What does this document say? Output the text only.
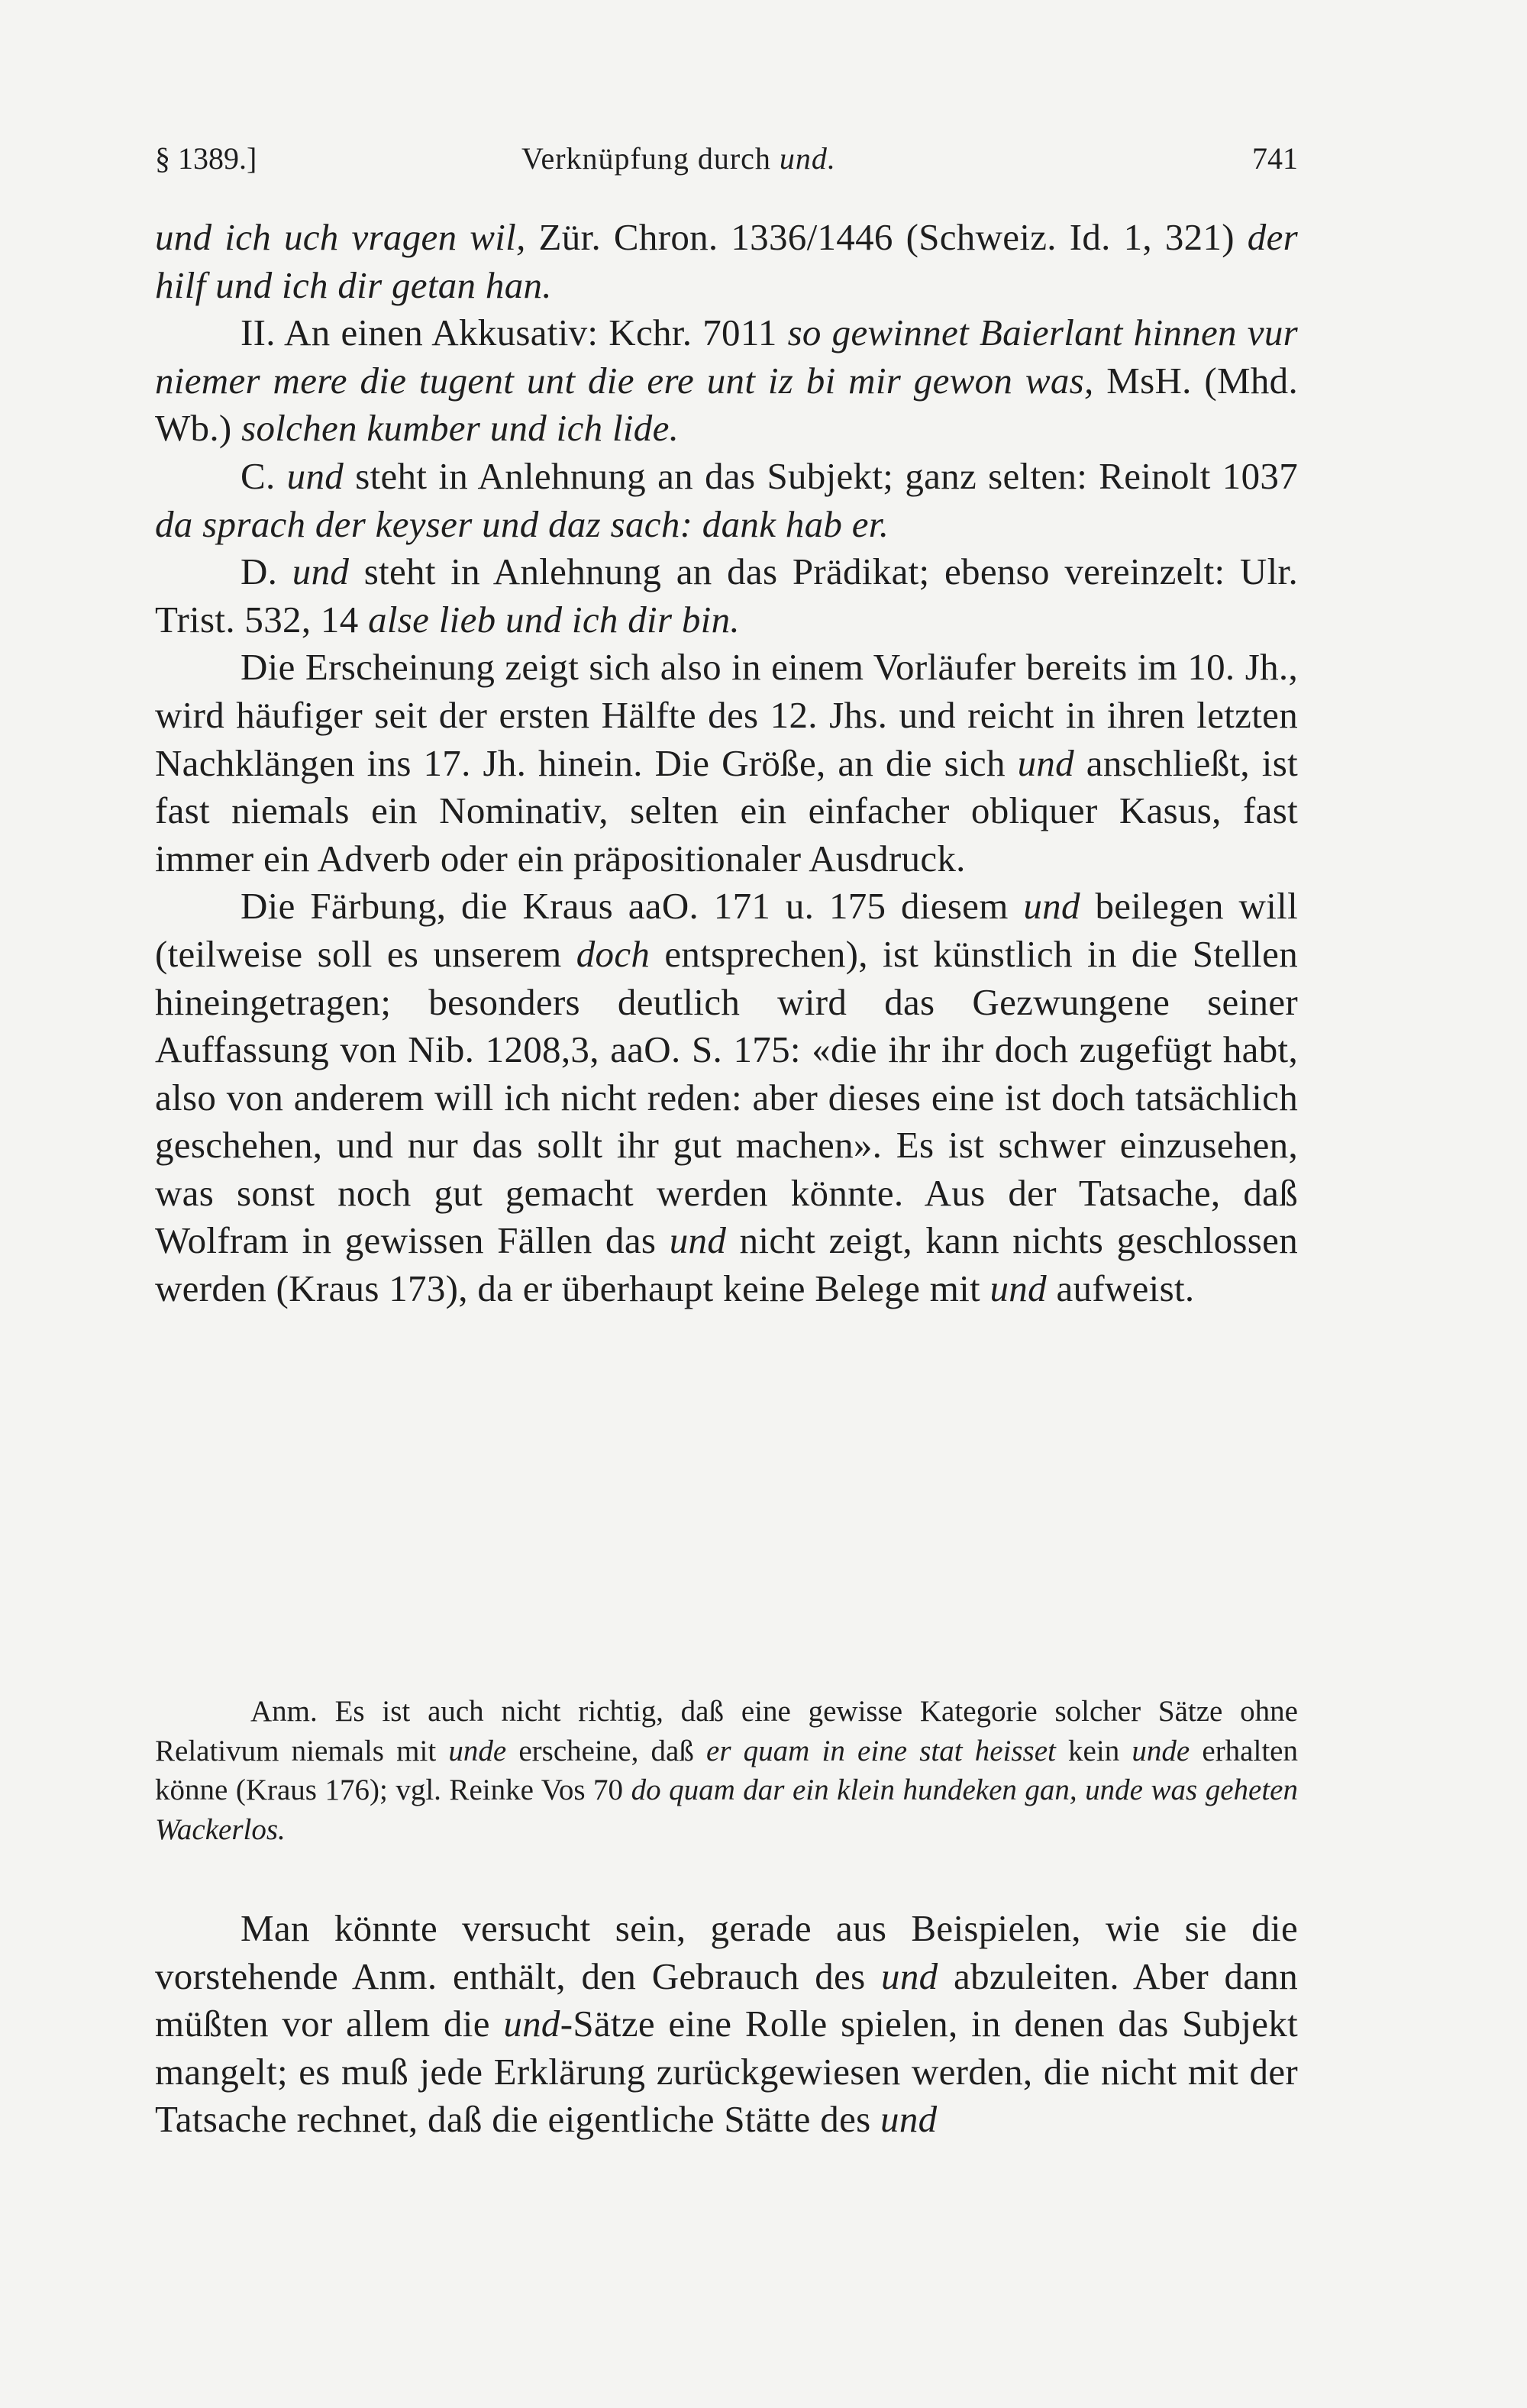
§ 1389.]	Verknüpfung durch und.	741

und ich uch vragen wil, Zür. Chron. 1336/1446 (Schweiz. Id. 1, 321) der hilf und ich dir getan han.

II. An einen Akkusativ: Kchr. 7011 so gewinnet Baierlant hinnen vur niemer mere die tugent unt die ere unt iz bi mir gewon was, MsH. (Mhd. Wb.) solchen kumber und ich lide.

C. und steht in Anlehnung an das Subjekt; ganz selten: Reinolt 1037 da sprach der keyser und daz sach: dank hab er.

D. und steht in Anlehnung an das Prädikat; ebenso vereinzelt: Ulr. Trist. 532, 14 alse lieb und ich dir bin.

Die Erscheinung zeigt sich also in einem Vorläufer bereits im 10. Jh., wird häufiger seit der ersten Hälfte des 12. Jhs. und reicht in ihren letzten Nachklängen ins 17. Jh. hinein. Die Größe, an die sich und anschließt, ist fast niemals ein Nominativ, selten ein einfacher obliquer Kasus, fast immer ein Adverb oder ein präpositionaler Ausdruck.

Die Färbung, die Kraus aaO. 171 u. 175 diesem und beilegen will (teilweise soll es unserem doch entsprechen), ist künstlich in die Stellen hineingetragen; besonders deutlich wird das Gezwungene seiner Auffassung von Nib. 1208,3, aaO. S. 175: «die ihr ihr doch zugefügt habt, also von anderem will ich nicht reden: aber dieses eine ist doch tatsächlich geschehen, und nur das sollt ihr gut machen». Es ist schwer einzusehen, was sonst noch gut gemacht werden könnte. Aus der Tatsache, daß Wolfram in gewissen Fällen das und nicht zeigt, kann nichts geschlossen werden (Kraus 173), da er überhaupt keine Belege mit und aufweist.

Anm. Es ist auch nicht richtig, daß eine gewisse Kategorie solcher Sätze ohne Relativum niemals mit unde erscheine, daß er quam in eine stat heisset kein unde erhalten könne (Kraus 176); vgl. Reinke Vos 70 do quam dar ein klein hundeken gan, unde was geheten Wackerlos.

Man könnte versucht sein, gerade aus Beispielen, wie sie die vorstehende Anm. enthält, den Gebrauch des und abzuleiten. Aber dann müßten vor allem die und-Sätze eine Rolle spielen, in denen das Subjekt mangelt; es muß jede Erklärung zurückgewiesen werden, die nicht mit der Tatsache rechnet, daß die eigentliche Stätte des und
